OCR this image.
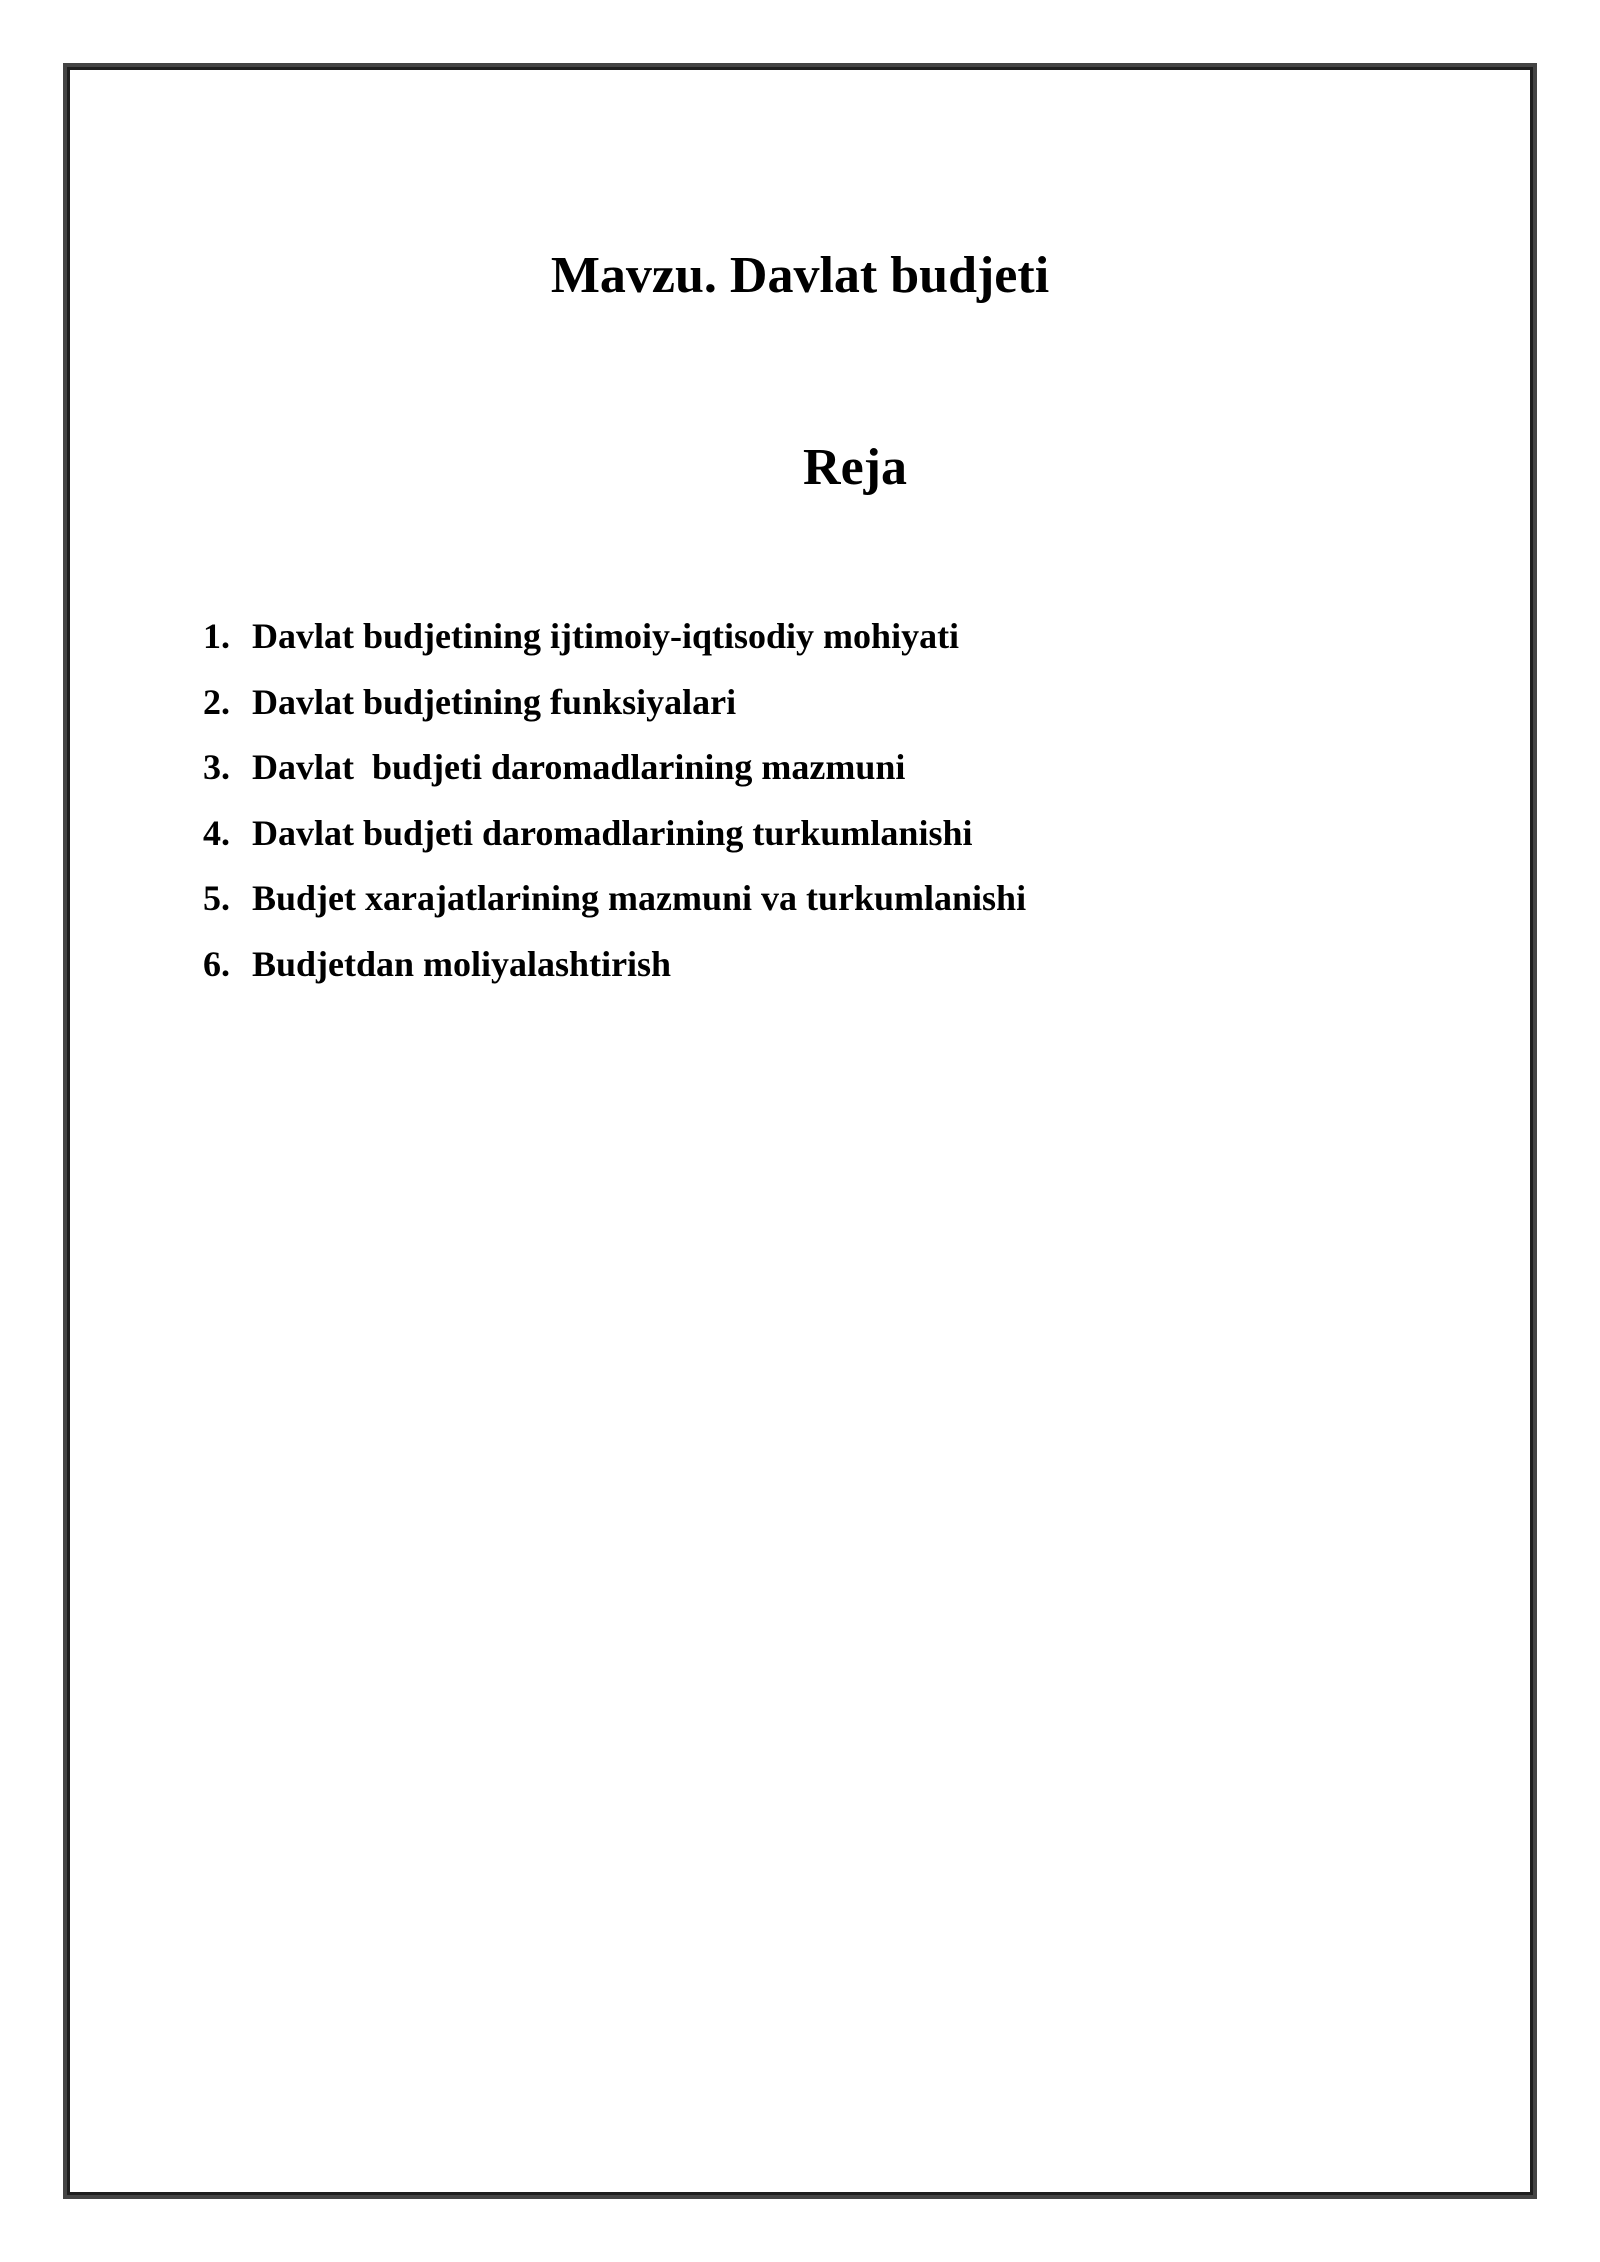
Mavzu. Davlat budjeti
Reja
1. Davlat budjetining ijtimoiy-iqtisodiy mohiyati
2. Davlat budjetining funksiyalari
3. Davlat  budjeti daromadlarining mazmuni
4. Davlat budjeti daromadlarining turkumlanishi
5. Budjet xarajatlarining mazmuni va turkumlanishi
6. Budjetdan moliyalashtirish
